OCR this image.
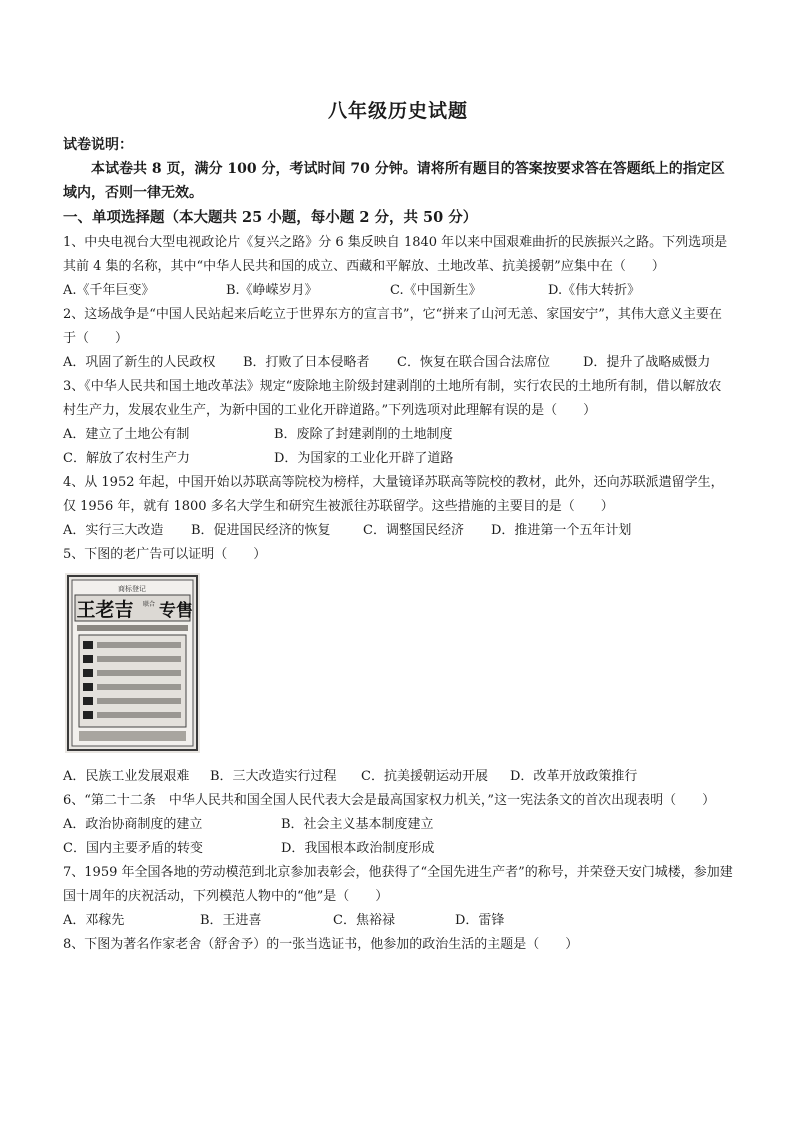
八年级历史试题

试卷说明：

本试卷共 8 页，满分 100 分，考试时间 70 分钟。请将所有题目的答案按要求答在答题纸上的指定区域内，否则一律无效。

一、单项选择题（本大题共 25 小题，每小题 2 分，共 50 分）

1、中央电视台大型电视政论片《复兴之路》分 6 集反映自 1840 年以来中国艰难曲折的民族振兴之路。下列选项是其前 4 集的名称，其中“中华人民共和国的成立、西藏和平解放、土地改革、抗美援朝”应集中在（　　）

A.《千年巨变》	B.《峥嵘岁月》	C.《中国新生》	D.《伟大转折》

2、这场战争是“中国人民站起来后屹立于世界东方的宣言书”，它“拼来了山河无恙、家国安宁”，其伟大意义主要在于（　　）

A．巩固了新生的人民政权 B．打败了日本侵略者 C．恢复在联合国合法席位	D．提升了战略威慑力

3、《中华人民共和国土地改革法》规定“废除地主阶级封建剥削的土地所有制，实行农民的土地所有制，借以解放农村生产力，发展农业生产，为新中国的工业化开辟道路。”下列选项对此理解有误的是（　　）

A．建立了土地公有制	B．废除了封建剥削的土地制度
C．解放了农村生产力	D．为国家的工业化开辟了道路

4、从 1952 年起，中国开始以苏联高等院校为榜样，大量镜译苏联高等院校的教材，此外，还向苏联派遣留学生，仅 1956 年，就有 1800 多名大学生和研究生被派往苏联留学。这些措施的主要目的是（　　）

A．实行三大改造 B．促进国民经济的恢复 C．调整国民经济 D．推进第一个五年计划

5、下图的老广告可以证明（　　）

商标登记
王老吉 联合 专售
A．民族工业发展艰难 B．三大改造实行过程 C．抗美援朝运动开展 D．改革开放政策推行

6、“第二十二条　中华人民共和国全国人民代表大会是最高国家权力机关，”这一宪法条文的首次出现表明（　　）

A．政治协商制度的建立	B．社会主义基本制度建立
C．国内主要矛盾的转变	D．我国根本政治制度形成

7、1959 年全国各地的劳动模范到北京参加表彰会，他获得了“全国先进生产者”的称号，并荣登天安门城楼，参加建国十周年的庆祝活动，下列模范人物中的“他”是（　　）

A．邓稼先	B．王进喜	C．焦裕禄	D．雷锋

8、下图为著名作家老舍（舒舍予）的一张当选证书，他参加的政治生活的主题是（　　）
